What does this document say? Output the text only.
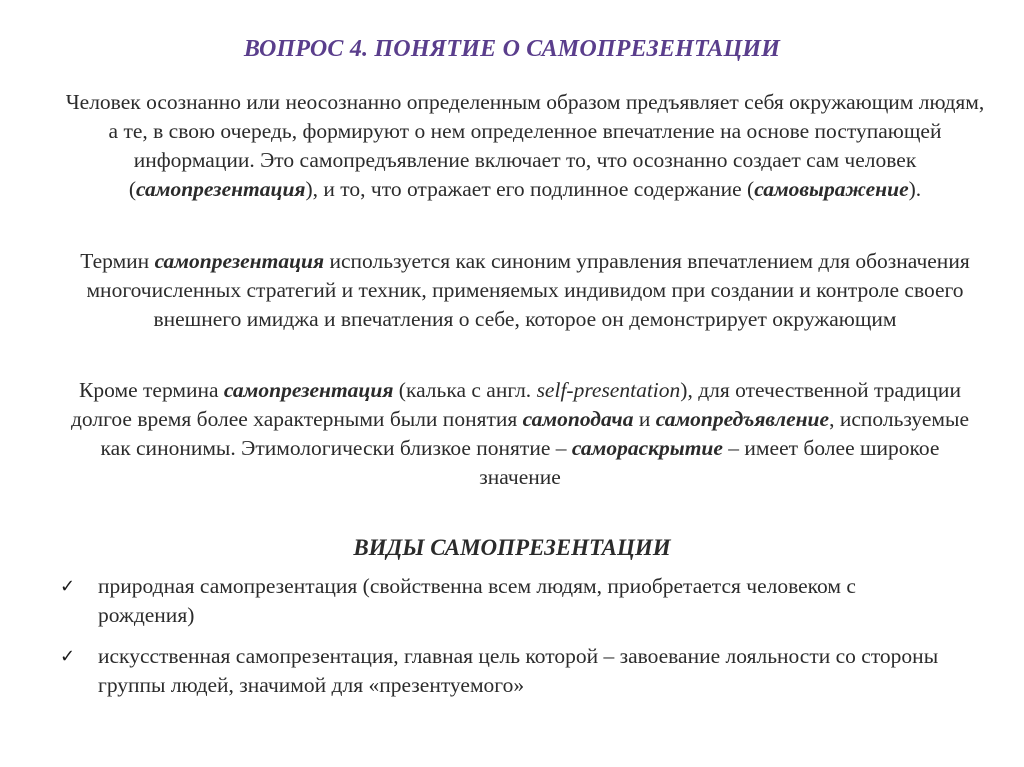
ВОПРОС 4. ПОНЯТИЕ О САМОПРЕЗЕНТАЦИИ
Человек осознанно или неосознанно определенным образом предъявляет себя окружающим людям, а те, в свою очередь, формируют о нем определенное впечатление на основе поступающей информации. Это самопредъявление включает то, что осознанно создает сам человек (самопрезентация), и то, что отражает его подлинное содержание (самовыражение).
Термин самопрезентация используется как синоним управления впечатлением для обозначения многочисленных стратегий и техник, применяемых индивидом при создании и контроле своего внешнего имиджа и впечатления о себе, которое он демонстрирует окружающим
Кроме термина самопрезентация (калька с англ. self-presentation), для отечественной традиции долгое время более характерными были понятия самоподача и самопредъявление, используемые как синонимы. Этимологически близкое понятие – самораскрытие – имеет более широкое значение
ВИДЫ САМОПРЕЗЕНТАЦИИ
✓ природная самопрезентация (свойственна всем людям, приобретается человеком с рождения)
✓ искусственная самопрезентация, главная цель которой – завоевание лояльности со стороны группы людей, значимой для «презентуемого»
